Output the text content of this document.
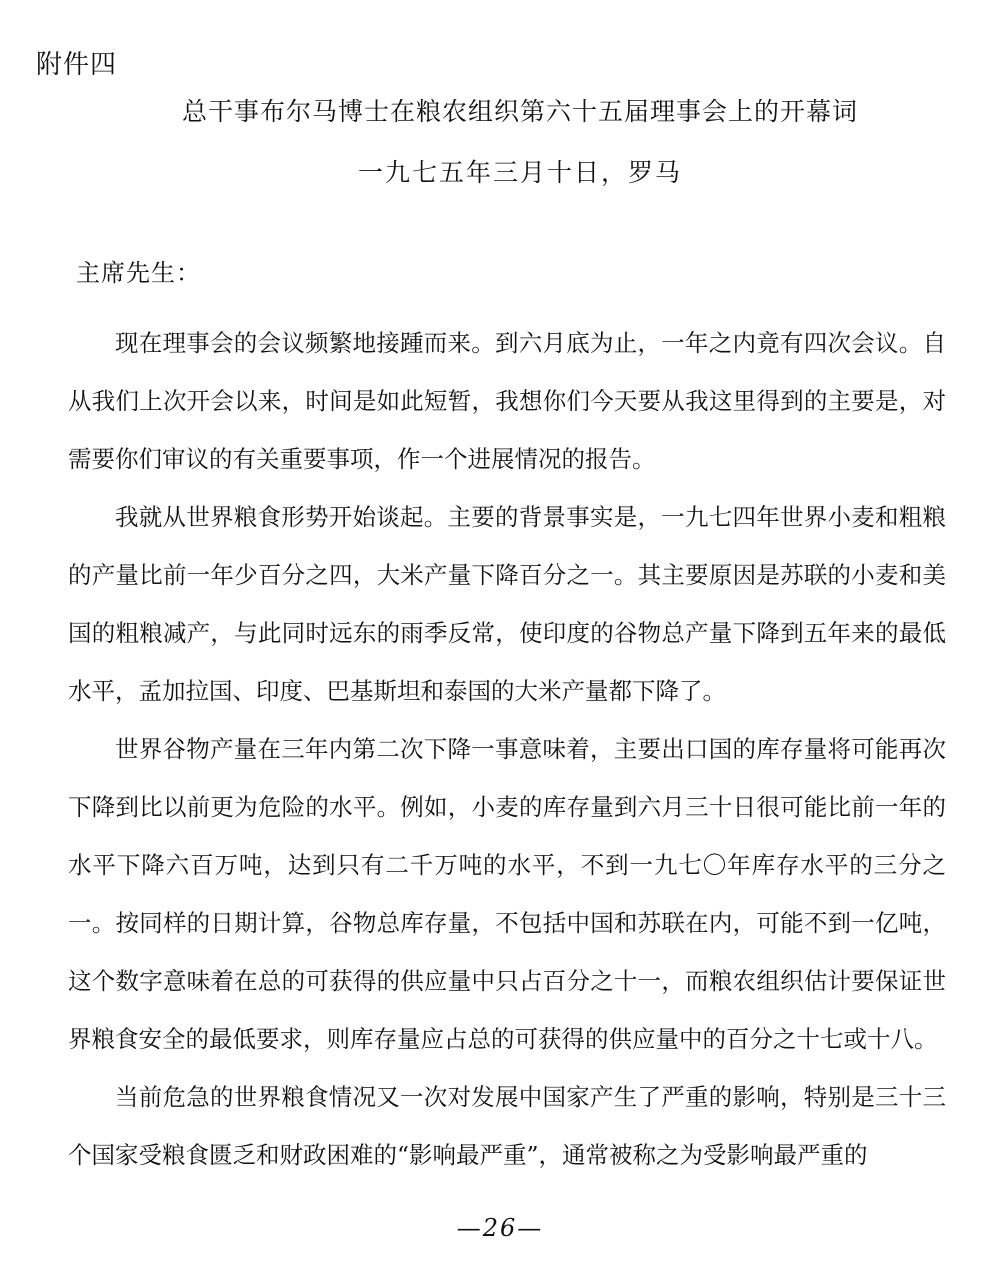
附件四
总干事布尔马博士在粮农组织第六十五届理事会上的开幕词
一九七五年三月十日，罗马
主席先生：

现在理事会的会议频繁地接踵而来。到六月底为止，一年之内竟有四次会议。自从我们上次开会以来，时间是如此短暂，我想你们今天要从我这里得到的主要是，对需要你们审议的有关重要事项，作一个进展情况的报告。

我就从世界粮食形势开始谈起。主要的背景事实是，一九七四年世界小麦和粗粮的产量比前一年少百分之四，大米产量下降百分之一。其主要原因是苏联的小麦和美国的粗粮减产，与此同时远东的雨季反常，使印度的谷物总产量下降到五年来的最低水平，孟加拉国、印度、巴基斯坦和泰国的大米产量都下降了。

世界谷物产量在三年内第二次下降一事意味着，主要出口国的库存量将可能再次下降到比以前更为危险的水平。例如，小麦的库存量到六月三十日很可能比前一年的水平下降六百万吨，达到只有二千万吨的水平，不到一九七〇年库存水平的三分之一。按同样的日期计算，谷物总库存量，不包括中国和苏联在内，可能不到一亿吨，这个数字意味着在总的可获得的供应量中只占百分之十一，而粮农组织估计要保证世界粮食安全的最低要求，则库存量应占总的可获得的供应量中的百分之十七或十八。

当前危急的世界粮食情况又一次对发展中国家产生了严重的影响，特别是三十三个国家受粮食匮乏和财政困难的“影响最严重”，通常被称之为受影响最严重的

—26—
